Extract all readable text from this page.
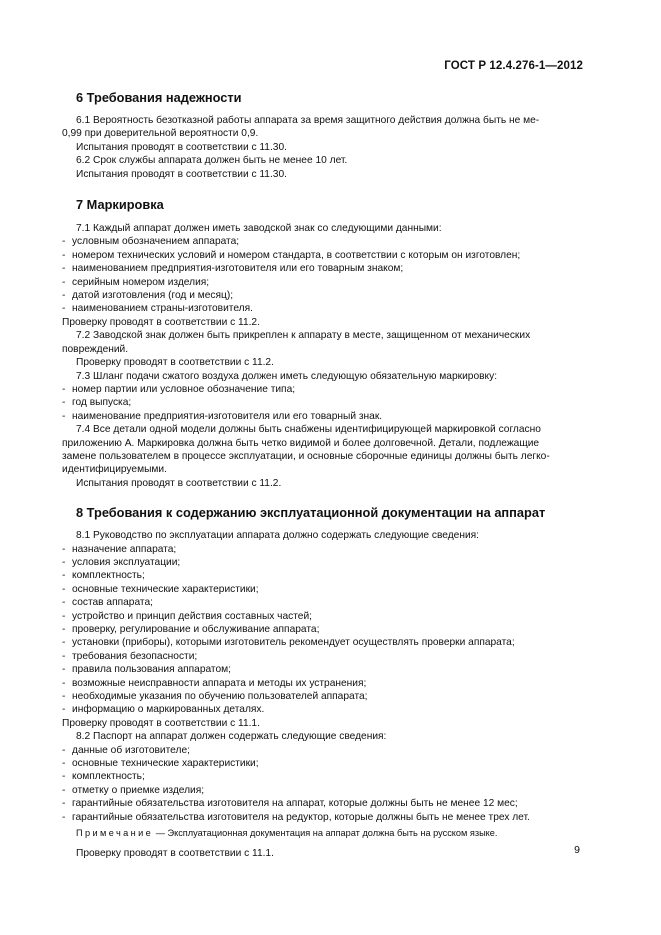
ГОСТ Р 12.4.276-1—2012
6 Требования надежности

6.1 Вероятность безотказной работы аппарата за время защитного действия должна быть не ме-

0,99 при доверительной вероятности 0,9.

Испытания проводят в соответствии с 11.30.

6.2 Срок службы аппарата должен быть не менее 10 лет.

Испытания проводят в соответствии с 11.30.

7 Маркировка

7.1 Каждый аппарат должен иметь заводской знак со следующими данными:

- условным обозначением аппарата;
- номером технических условий и номером стандарта, в соответствии с которым он изготовлен;
- наименованием предприятия-изготовителя или его товарным знаком;
- серийным номером изделия;
- датой изготовления (год и месяц);
- наименованием страны-изготовителя.
Проверку проводят в соответствии с 11.2.

7.2 Заводской знак должен быть прикреплен к аппарату в месте, защищенном от механических

повреждений.

Проверку проводят в соответствии с 11.2.

7.3 Шланг подачи сжатого воздуха должен иметь следующую обязательную маркировку:

- номер партии или условное обозначение типа;
- год выпуска;
- наименование предприятия-изготовителя или его товарный знак.

7.4 Все детали одной модели должны быть снабжены идентифицирующей маркировкой согласно

приложению А. Маркировка должна быть четко видимой и более долговечной. Детали, подлежащие
замене пользователем в процессе эксплуатации, и основные сборочные единицы должны быть легко-
идентифицируемыми.

Испытания проводят в соответствии с 11.2.

8 Требования к содержанию эксплуатационной документации на аппарат

8.1 Руководство по эксплуатации аппарата должно содержать следующие сведения:

- назначение аппарата;
- условия эксплуатации;
- комплектность;
- основные технические характеристики;
- состав аппарата;
- устройство и принцип действия составных частей;
- проверку, регулирование и обслуживание аппарата;
- установки (приборы), которыми изготовитель рекомендует осуществлять проверки аппарата;
- требования безопасности;
- правила пользования аппаратом;
- возможные неисправности аппарата и методы их устранения;
- необходимые указания по обучению пользователей аппарата;
- информацию о маркированных деталях.
Проверку проводят в соответствии с 11.1.

8.2 Паспорт на аппарат должен содержать следующие сведения:

- данные об изготовителе;
- основные технические характеристики;
- комплектность;
- отметку о приемке изделия;
- гарантийные обязательства изготовителя на аппарат, которые должны быть не менее 12 мес;
- гарантийные обязательства изготовителя на редуктор, которые должны быть не менее трех лет.

Примечание — Эксплуатационная документация на аппарат должна быть на русском языке.

Проверку проводят в соответствии с 11.1.	9
